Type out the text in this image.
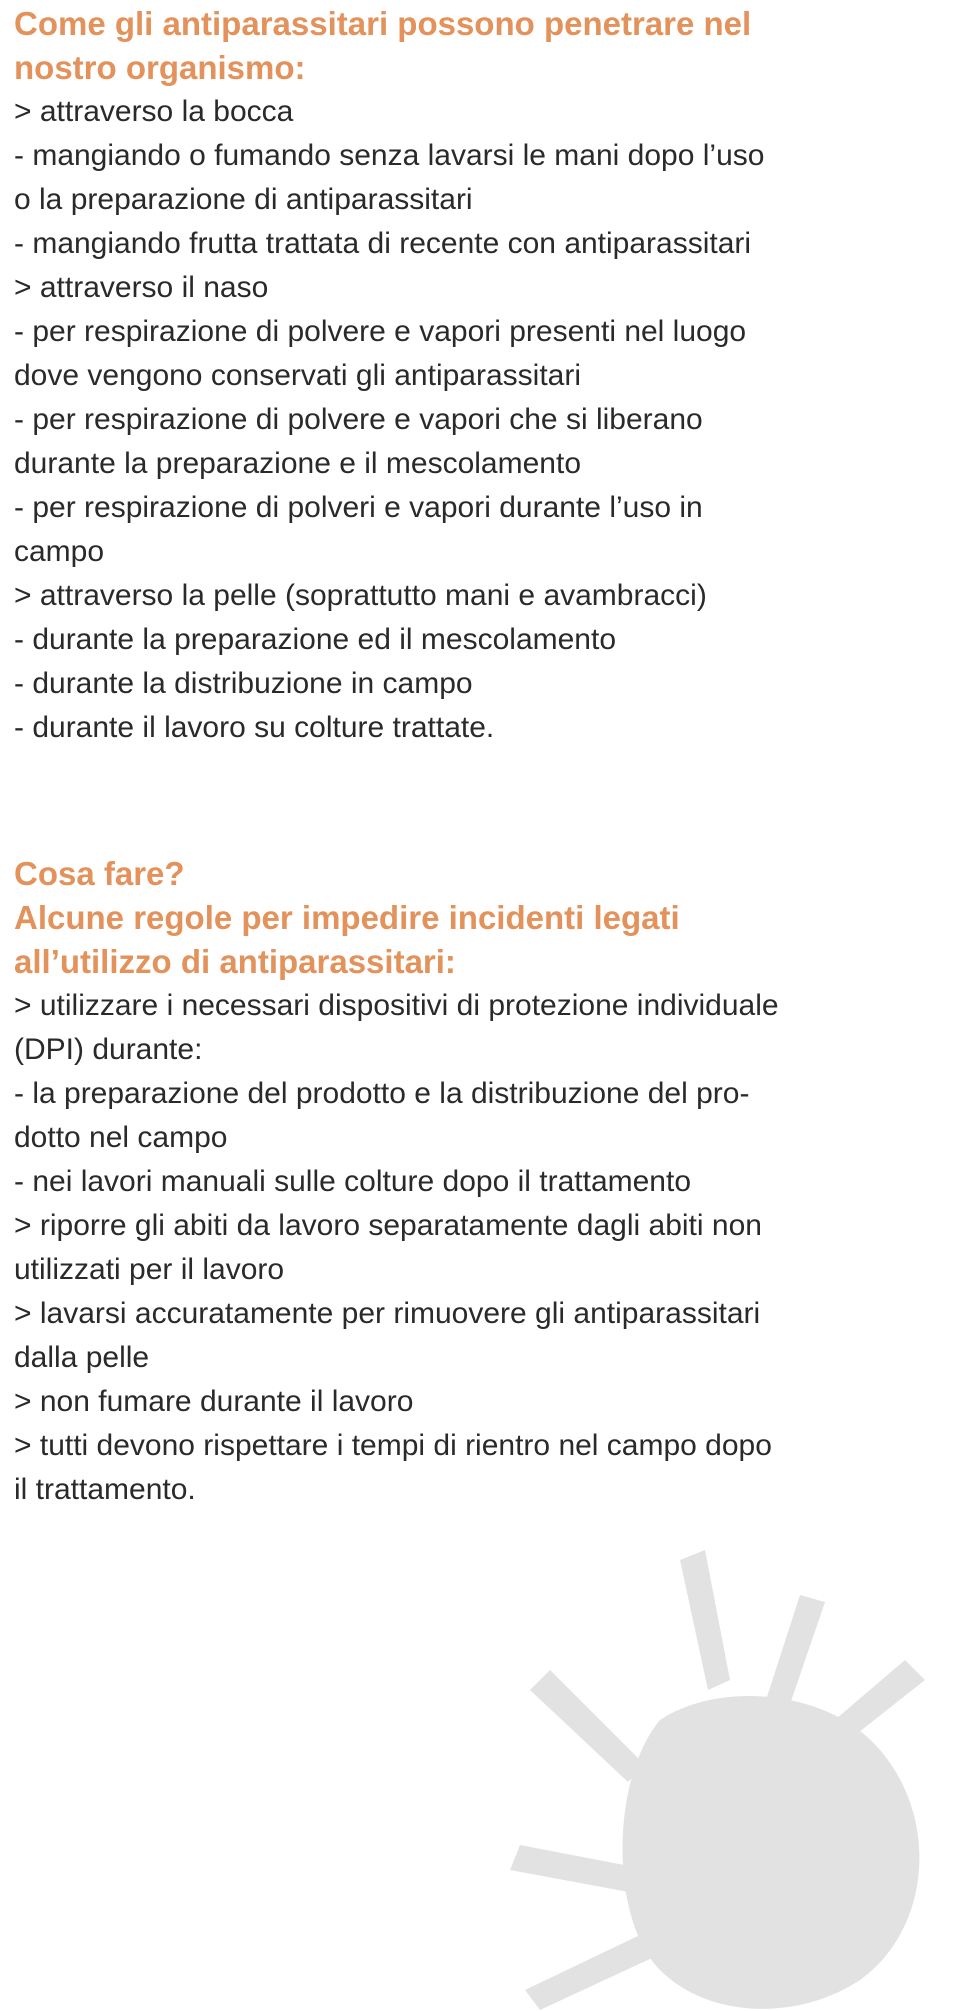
Come gli antiparassitari possono penetrare nel

nostro organismo:

> attraverso la bocca

- mangiando o fumando senza lavarsi le mani dopo l’uso

o la preparazione di antiparassitari

- mangiando frutta trattata di recente con antiparassitari

> attraverso il naso

- per respirazione di polvere e vapori presenti nel luogo

dove vengono conservati gli antiparassitari

- per respirazione di polvere e vapori che si liberano

durante la preparazione e il mescolamento

- per respirazione di polveri e vapori durante l’uso in

campo

> attraverso la pelle (soprattutto mani e avambracci)

- durante la preparazione ed il mescolamento

- durante la distribuzione in campo

- durante il lavoro su colture trattate.

Cosa fare?

Alcune regole per impedire incidenti legati

all’utilizzo di antiparassitari:

> utilizzare i necessari dispositivi di protezione individuale

(DPI) durante:

- la preparazione del prodotto e la distribuzione del pro-

dotto nel campo

- nei lavori manuali sulle colture dopo il trattamento

> riporre gli abiti da lavoro separatamente dagli abiti non

utilizzati per il lavoro

> lavarsi accuratamente per rimuovere gli antiparassitari

dalla pelle

> non fumare durante il lavoro

> tutti devono rispettare i tempi di rientro nel campo dopo

il trattamento.
